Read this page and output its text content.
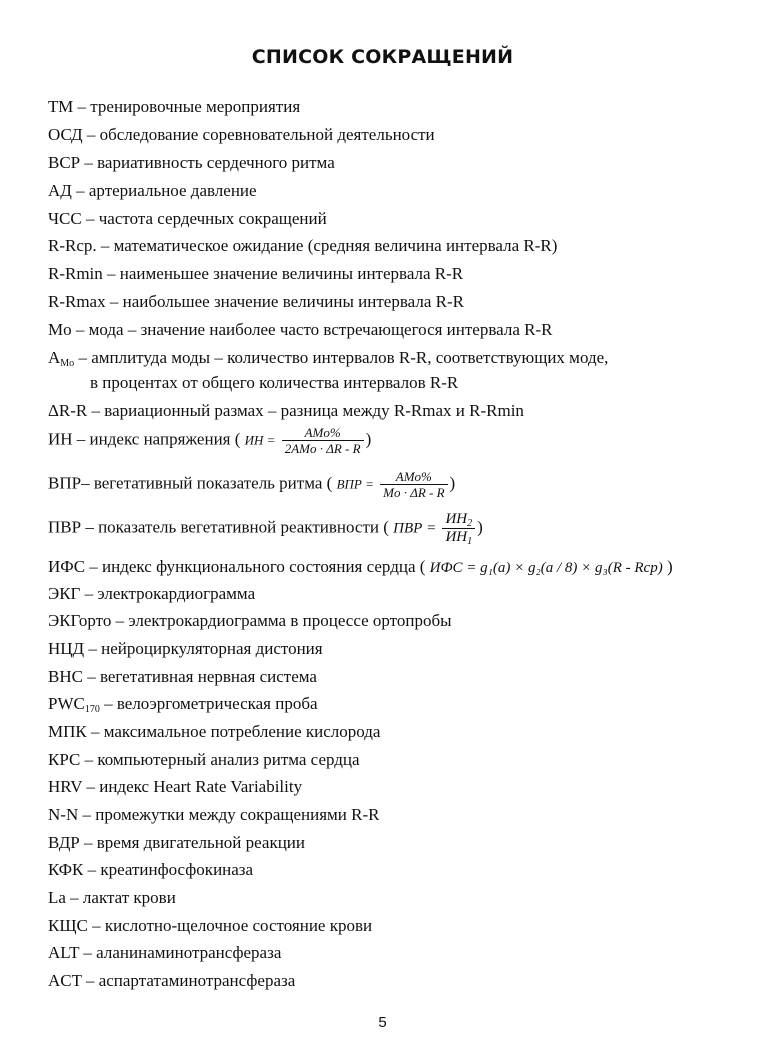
СПИСОК СОКРАЩЕНИЙ
ТМ – тренировочные мероприятия
ОСД – обследование соревновательной деятельности
ВСР – вариативность сердечного ритма
АД – артериальное давление
ЧСС – частота сердечных сокращений
R-Rср. – математическое ожидание (средняя величина интервала R-R)
R-Rmin – наименьшее значение величины интервала R-R
R-Rmax – наибольшее значение величины интервала R-R
Mo – мода – значение наиболее часто встречающегося интервала R-R
$A_{Mo}$ – амплитуда моды – количество интервалов R-R, соответствующих моде,
в процентах от общего количества интервалов R-R
ΔR-R – вариационный размах – разница между R-Rmax и R-Rmin
ИН – индекс напряжения ( ИН = $\frac{\text{AMo\%}}{\text{2AMo · ΔR - R}}$ )
ВПР– вегетативный показатель ритма ( ВПР = $\frac{\text{AMo\%}}{Mo \cdot \Delta R - R}$ )
ПВР – показатель вегетативной реактивности ( ПВР = $\frac{ИН_2}{ИН_1}$ )
ИФС – индекс функционального состояния сердца ( ИФС = g₁(a) × g₂(a / 8) × g₃(R - Rср) )
ЭКГ – электрокардиограмма
ЭКГорто – электрокардиограмма в процессе ортопробы
НЦД – нейроциркуляторная дистония
ВНС – вегетативная нервная система
$PWC_{170}$ – велоэргометрическая проба
МПК – максимальное потребление кислорода
КРС – компьютерный анализ ритма сердца
HRV – индекс Heart Rate Variability
N-N – промежутки между сокращениями R-R
ВДР – время двигательной реакции
КФК – креатинфосфокиназа
La – лактат крови
КЩС – кислотно-щелочное состояние крови
ALT – аланинаминотрансфераза
ACT – аспартатаминотрансфераза
5
